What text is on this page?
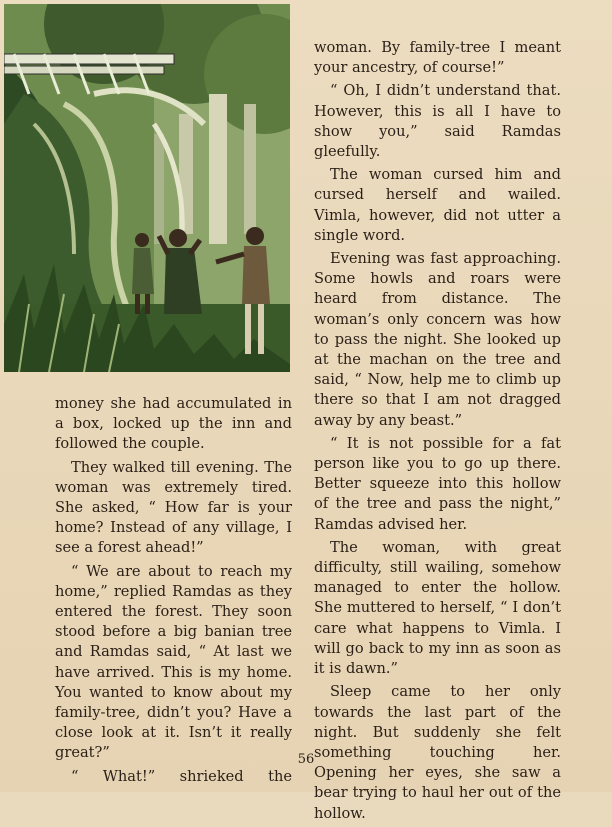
money she had accumulated in a box, locked up the inn and followed the couple.

They walked till evening. The woman was extremely tired. She asked, “ How far is your home? Instead of any village, I see a forest ahead!”

“ We are about to reach my home,” replied Ramdas as they entered the forest. They soon stood before a big banian tree and Ramdas said, “ At last we have arrived. This is my home. You wanted to know about my family-tree, didn’t you? Have a close look at it. Isn’t it really great?”

“ What!” shrieked the

woman. By family-tree I meant your ancestry, of course!”

“ Oh, I didn’t understand that. However, this is all I have to show you,” said Ramdas gleefully.

The woman cursed him and cursed herself and wailed. Vimla, however, did not utter a single word.

Evening was fast approaching. Some howls and roars were heard from distance. The woman’s only concern was how to pass the night. She looked up at the machan on the tree and said, “ Now, help me to climb up there so that I am not dragged away by any beast.”

“ It is not possible for a fat person like you to go up there. Better squeeze into this hollow of the tree and pass the night,” Ramdas advised her.

The woman, with great difficulty, still wailing, somehow managed to enter the hollow. She muttered to herself, “ I don’t care what happens to Vimla. I will go back to my inn as soon as it is dawn.”

Sleep came to her only towards the last part of the night. But suddenly she felt something touching her. Opening her eyes, she saw a bear trying to haul her out of the hollow.

56
